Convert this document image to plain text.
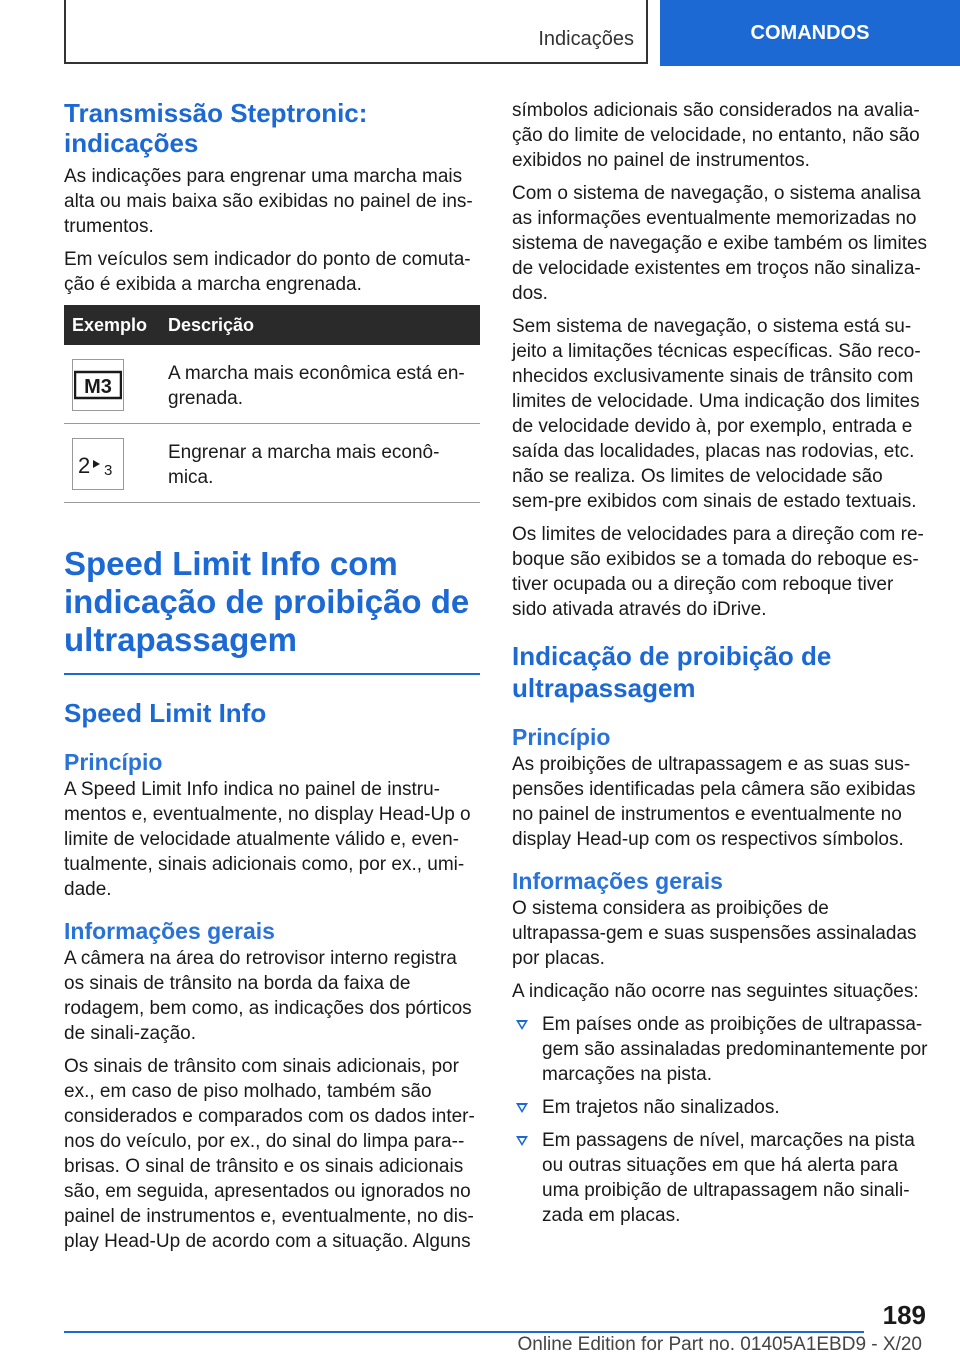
Indicações	COMANDOS
Transmissão Steptronic: indicações

As indicações para engrenar uma marcha mais alta ou mais baixa são exibidas no painel de ins-trumentos.

Em veículos sem indicador do ponto de comuta-ção é exibida a marcha engrenada.

Exemplo	Descrição

M3	A marcha mais econômica está en-grenada.

2 3	Engrenar a marcha mais econô-mica.
Speed Limit Info com indicação de proibição de ultrapassagem
Speed Limit Info
Princípio

A Speed Limit Info indica no painel de instru-mentos e, eventualmente, no display Head-Up o limite de velocidade atualmente válido e, even-tualmente, sinais adicionais como, por ex., umi-dade.

Informações gerais

A câmera na área do retrovisor interno registra os sinais de trânsito na borda da faixa de rodagem, bem como, as indicações dos pórticos de sinali-zação.

Os sinais de trânsito com sinais adicionais, por ex., em caso de piso molhado, também são considerados e comparados com os dados inter-nos do veículo, por ex., do sinal do limpa para--brisas. O sinal de trânsito e os sinais adicionais são, em seguida, apresentados ou ignorados no painel de instrumentos e, eventualmente, no dis-play Head-Up de acordo com a situação. Alguns

símbolos adicionais são considerados na avalia-ção do limite de velocidade, no entanto, não são exibidos no painel de instrumentos.

Com o sistema de navegação, o sistema analisa as informações eventualmente memorizadas no sistema de navegação e exibe também os limites de velocidade existentes em troços não sinaliza-dos.

Sem sistema de navegação, o sistema está su-jeito a limitações técnicas específicas. São reco-nhecidos exclusivamente sinais de trânsito com limites de velocidade. Uma indicação dos limites de velocidade devido à, por exemplo, entrada e saída das localidades, placas nas rodovias, etc. não se realiza. Os limites de velocidade são sem-pre exibidos com sinais de estado textuais.

Os limites de velocidades para a direção com re-boque são exibidos se a tomada do reboque es-tiver ocupada ou a direção com reboque tiver sido ativada através do iDrive.

Indicação de proibição de ultrapassagem
Princípio

As proibições de ultrapassagem e as suas sus-pensões identificadas pela câmera são exibidas no painel de instrumentos e eventualmente no display Head-up com os respectivos símbolos.

Informações gerais

O sistema considera as proibições de ultrapassa-gem e suas suspensões assinaladas por placas.

A indicação não ocorre nas seguintes situações:

Em países onde as proibições de ultrapassa-gem são assinaladas predominantemente por marcações na pista.
Em trajetos não sinalizados.
Em passagens de nível, marcações na pista ou outras situações em que há alerta para uma proibição de ultrapassagem não sinali-zada em placas.
189
Online Edition for Part no. 01405A1EBD9 - X/20
